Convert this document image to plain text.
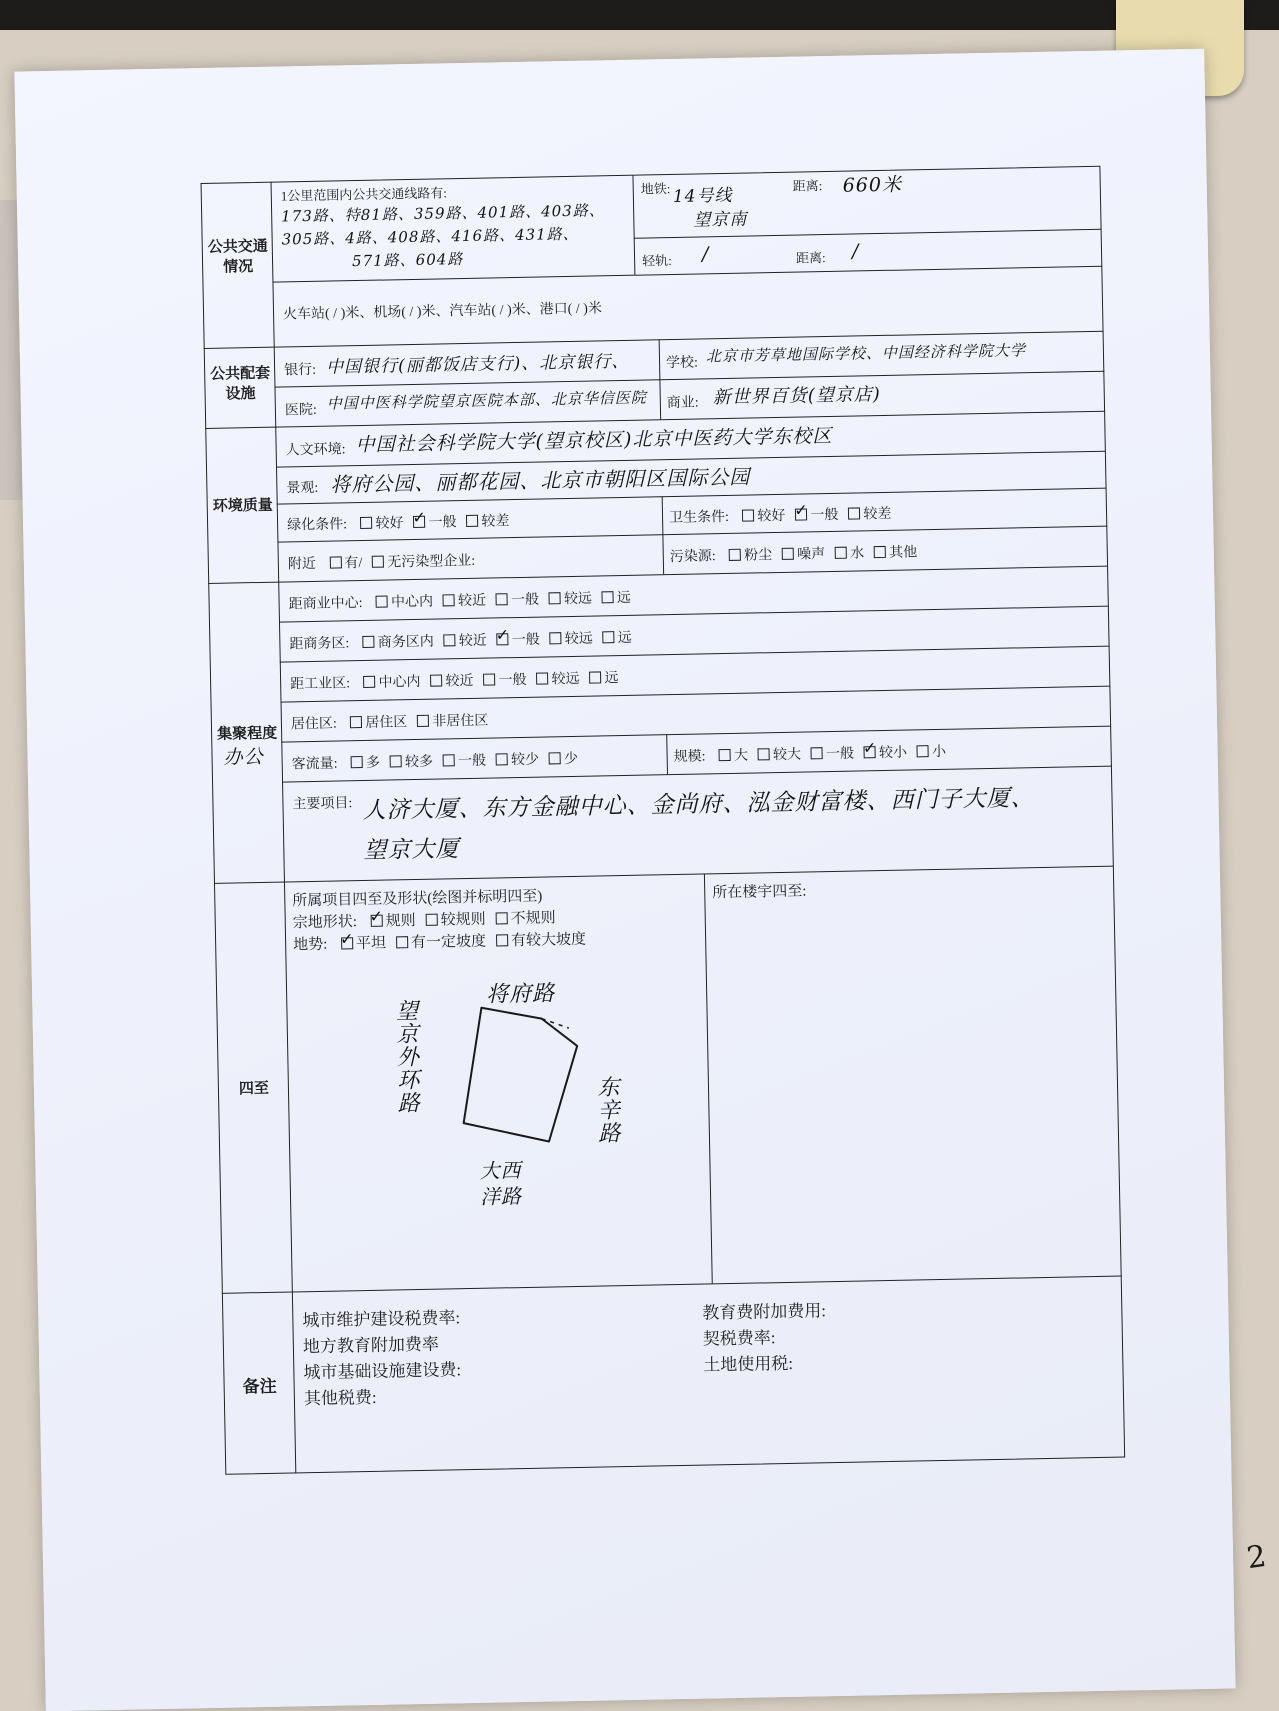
公共交通情况
1公里范围内公共交通线路有:
173路、特81路、359路、401路、403路、
305路、4路、408路、416路、431路、
571路、604路
地铁: 14号线
望京南
距离: 660米
轻轨: /	距离: /
火车站( / )米、机场( / )米、汽车站( / )米、港口( / )米
公共配套设施
银行: 中国银行(丽都饭店支行)、北京银行、	学校: 北京市芳草地国际学校、中国经济科学院大学
医院: 中国中医科学院望京医院本部、北京华信医院 商业: 新世界百货(望京店)
环境质量
人文环境: 中国社会科学院大学(望京校区)北京中医药大学东校区
景观: 将府公园、丽都花园、北京市朝阳区国际公园
绿化条件: 较好 ✓ 一般 较差	卫生条件: 较好 ✓ 一般 较差
附近 有/ 无污染型企业:	污染源: 粉尘 噪声 水 其他
集聚程度
办公
距商业中心: 中心内 较近 一般 较远 远
距商务区: 商务区内 较近 ✓ 一般 较远 远
距工业区: 中心内 较近 一般 较远 远
居住区: 居住区 非居住区
客流量: 多 较多 一般 较少 少	规模: 大 较大 一般 ✓ 较小 小
主要项目: 人济大厦、东方金融中心、金尚府、泓金财富楼、西门子大厦、
望京大厦
四至
所属项目四至及形状(绘图并标明四至)
宗地形状: ✓ 规则 较规则 不规则
地势: ✓ 平坦 有一定坡度 有较大坡度
所在楼宇四至:
将府路
望京外环路	东辛路
大西洋路
备注
城市维护建设税费率:
地方教育附加费率
城市基础设施建设费:
其他税费:
教育费附加费用:
契税费率:
土地使用税:
2
